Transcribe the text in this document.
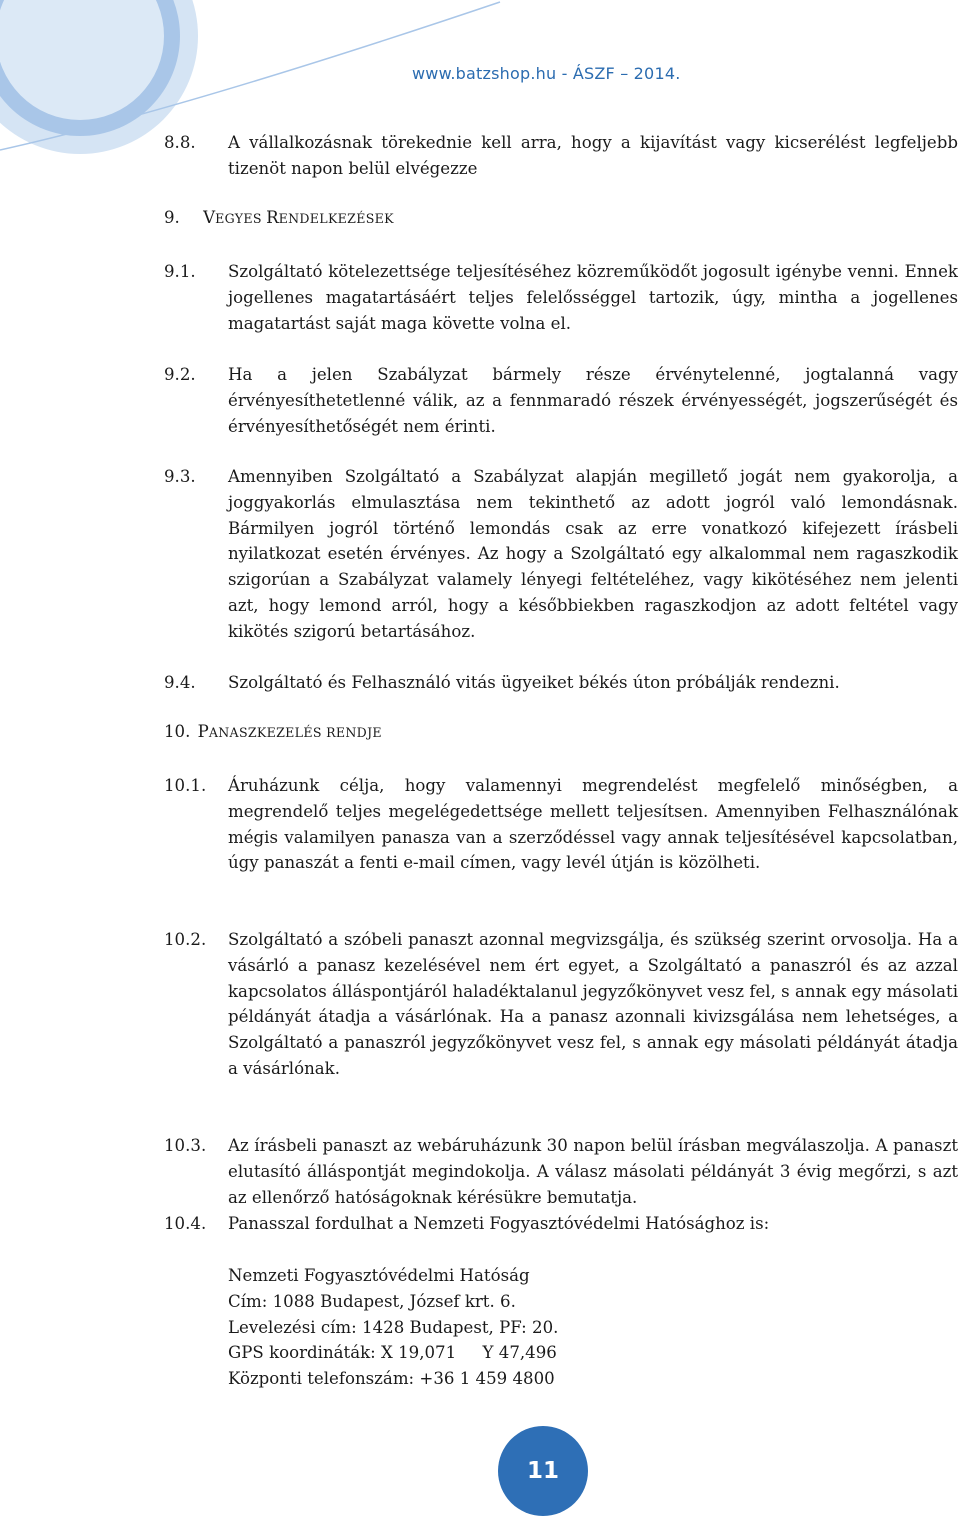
www.batzshop.hu - ÁSZF – 2014.
8.8. A vállalkozásnak törekednie kell arra, hogy a kijavítást vagy kicserélést legfeljebb tizenöt napon belül elvégezze
9. VEGYES RENDELKEZÉSEK
9.1. Szolgáltató kötelezettsége teljesítéséhez közreműködőt jogosult igénybe venni. Ennek jogellenes magatartásáért teljes felelősséggel tartozik, úgy, mintha a jogellenes magatartást saját maga követte volna el.
9.2. Ha a jelen Szabályzat bármely része érvénytelenné, jogtalanná vagy érvényesíthetetlenné válik, az a fennmaradó részek érvényességét, jogszerűségét és érvényesíthetőségét nem érinti.
9.3. Amennyiben Szolgáltató a Szabályzat alapján megillető jogát nem gyakorolja, a joggyakorlás elmulasztása nem tekinthető az adott jogról való lemondásnak. Bármilyen jogról történő lemondás csak az erre vonatkozó kifejezett írásbeli nyilatkozat esetén érvényes. Az hogy a Szolgáltató egy alkalommal nem ragaszkodik szigorúan a Szabályzat valamely lényegi feltételéhez, vagy kikötéséhez nem jelenti azt, hogy lemond arról, hogy a későbbiekben ragaszkodjon az adott feltétel vagy kikötés szigorú betartásához.
9.4. Szolgáltató és Felhasználó vitás ügyeiket békés úton próbálják rendezni.
10. PANASZKEZELÉS RENDJE
10.1. Áruházunk célja, hogy valamennyi megrendelést megfelelő minőségben, a megrendelő teljes megelégedettsége mellett teljesítsen. Amennyiben Felhasználónak mégis valamilyen panasza van a szerződéssel vagy annak teljesítésével kapcsolatban, úgy panaszát a fenti e-mail címen, vagy levél útján is közölheti.
10.2. Szolgáltató a szóbeli panaszt azonnal megvizsgálja, és szükség szerint orvosolja. Ha a vásárló a panasz kezelésével nem ért egyet, a Szolgáltató a panaszról és az azzal kapcsolatos álláspontjáról haladéktalanul jegyzőkönyvet vesz fel, s annak egy másolati példányát átadja a vásárlónak. Ha a panasz azonnali kivizsgálása nem lehetséges, a Szolgáltató a panaszról jegyzőkönyvet vesz fel, s annak egy másolati példányát átadja a vásárlónak.
10.3. Az írásbeli panaszt az webáruházunk 30 napon belül írásban megválaszolja. A panaszt elutasító álláspontját megindokolja. A válasz másolati példányát 3 évig megőrzi, s azt az ellenőrző hatóságoknak kérésükre bemutatja.
10.4. Panasszal fordulhat a Nemzeti Fogyasztóvédelmi Hatósághoz is:
Nemzeti Fogyasztóvédelmi Hatóság
Cím: 1088 Budapest, József krt. 6.
Levelezési cím: 1428 Budapest, PF: 20.
GPS koordináták: X 19,071     Y 47,496
Központi telefonszám: +36 1 459 4800
11
